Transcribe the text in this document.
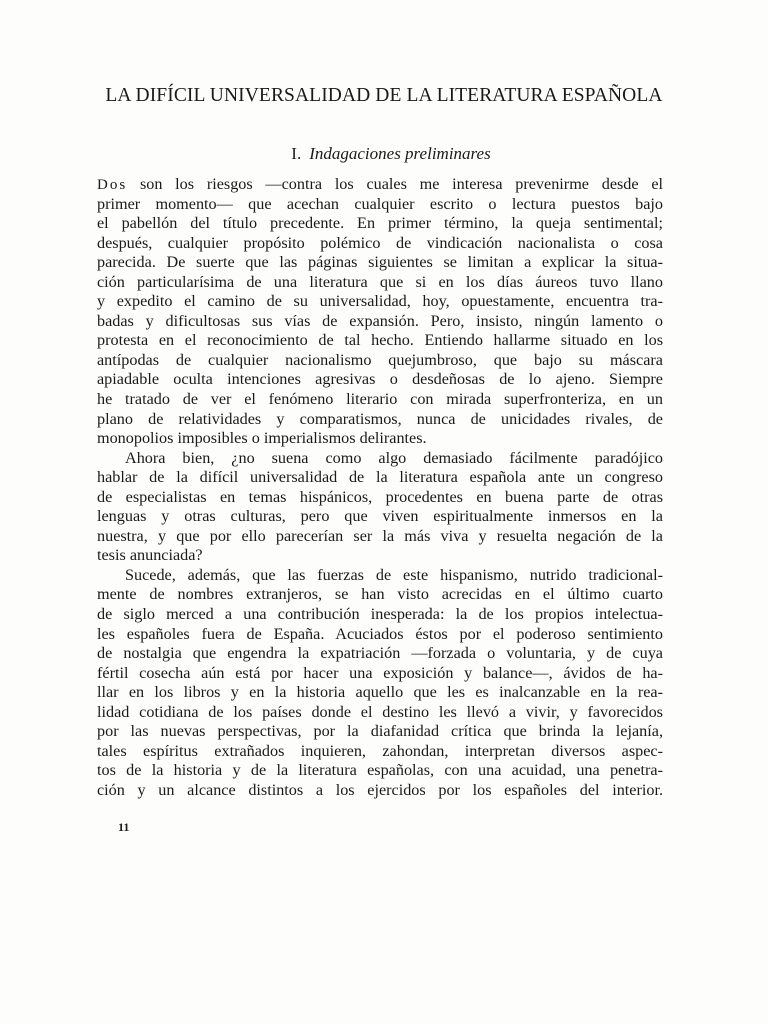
LA DIFÍCIL UNIVERSALIDAD DE LA LITERATURA ESPAÑOLA
I. Indagaciones preliminares
Dos son los riesgos —contra los cuales me interesa prevenirme desde el
primer momento— que acechan cualquier escrito o lectura puestos bajo
el pabellón del título precedente. En primer término, la queja sentimental;
después, cualquier propósito polémico de vindicación nacionalista o cosa
parecida. De suerte que las páginas siguientes se limitan a explicar la situa-
ción particularísima de una literatura que si en los días áureos tuvo llano
y expedito el camino de su universalidad, hoy, opuestamente, encuentra tra-
badas y dificultosas sus vías de expansión. Pero, insisto, ningún lamento o
protesta en el reconocimiento de tal hecho. Entiendo hallarme situado en los
antípodas de cualquier nacionalismo quejumbroso, que bajo su máscara
apiadable oculta intenciones agresivas o desdeñosas de lo ajeno. Siempre
he tratado de ver el fenómeno literario con mirada superfronteriza, en un
plano de relatividades y comparatismos, nunca de unicidades rivales, de
monopolios imposibles o imperialismos delirantes.
Ahora bien, ¿no suena como algo demasiado fácilmente paradójico
hablar de la difícil universalidad de la literatura española ante un congreso
de especialistas en temas hispánicos, procedentes en buena parte de otras
lenguas y otras culturas, pero que viven espiritualmente inmersos en la
nuestra, y que por ello parecerían ser la más viva y resuelta negación de la
tesis anunciada?
Sucede, además, que las fuerzas de este hispanismo, nutrido tradicional-
mente de nombres extranjeros, se han visto acrecidas en el último cuarto
de siglo merced a una contribución inesperada: la de los propios intelectua-
les españoles fuera de España. Acuciados éstos por el poderoso sentimiento
de nostalgia que engendra la expatriación —forzada o voluntaria, y de cuya
fértil cosecha aún está por hacer una exposición y balance—, ávidos de ha-
llar en los libros y en la historia aquello que les es inalcanzable en la rea-
lidad cotidiana de los países donde el destino les llevó a vivir, y favorecidos
por las nuevas perspectivas, por la diafanidad crítica que brinda la lejanía,
tales espíritus extrañados inquieren, zahondan, interpretan diversos aspec-
tos de la historia y de la literatura españolas, con una acuidad, una penetra-
ción y un alcance distintos a los ejercidos por los españoles del interior.
11
